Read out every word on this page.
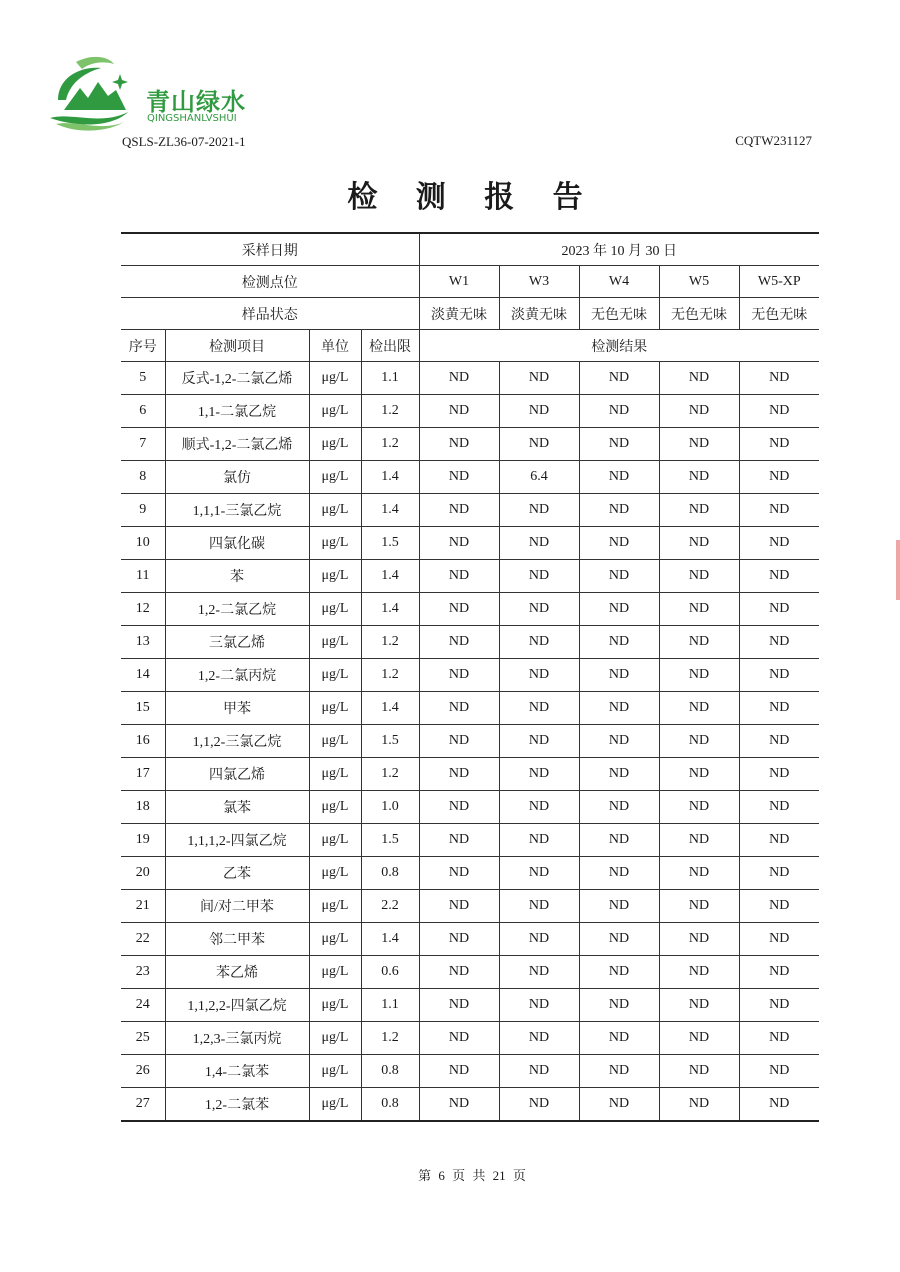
青山绿水
QINGSHANLVSHUI
QSLS-ZL36-07-2021-1	CQTW231127
检 测 报 告
采样日期				2023 年 10 月 30 日				
检测点位				W1	W3	W4	W5	W5-XP
样品状态				淡黄无味	淡黄无味	无色无味	无色无味	无色无味
序号	检测项目	单位	检出限	检测结果				
5	反式-1,2-二氯乙烯	μg/L	1.1	ND	ND	ND	ND	ND
6	1,1-二氯乙烷	μg/L	1.2	ND	ND	ND	ND	ND
7	顺式-1,2-二氯乙烯	μg/L	1.2	ND	ND	ND	ND	ND
8	氯仿	μg/L	1.4	ND	6.4	ND	ND	ND
9	1,1,1-三氯乙烷	μg/L	1.4	ND	ND	ND	ND	ND
10	四氯化碳	μg/L	1.5	ND	ND	ND	ND	ND
11	苯	μg/L	1.4	ND	ND	ND	ND	ND
12	1,2-二氯乙烷	μg/L	1.4	ND	ND	ND	ND	ND
13	三氯乙烯	μg/L	1.2	ND	ND	ND	ND	ND
14	1,2-二氯丙烷	μg/L	1.2	ND	ND	ND	ND	ND
15	甲苯	μg/L	1.4	ND	ND	ND	ND	ND
16	1,1,2-三氯乙烷	μg/L	1.5	ND	ND	ND	ND	ND
17	四氯乙烯	μg/L	1.2	ND	ND	ND	ND	ND
18	氯苯	μg/L	1.0	ND	ND	ND	ND	ND
19	1,1,1,2-四氯乙烷	μg/L	1.5	ND	ND	ND	ND	ND
20	乙苯	μg/L	0.8	ND	ND	ND	ND	ND
21	间/对二甲苯	μg/L	2.2	ND	ND	ND	ND	ND
22	邻二甲苯	μg/L	1.4	ND	ND	ND	ND	ND
23	苯乙烯	μg/L	0.6	ND	ND	ND	ND	ND
24	1,1,2,2-四氯乙烷	μg/L	1.1	ND	ND	ND	ND	ND
25	1,2,3-三氯丙烷	μg/L	1.2	ND	ND	ND	ND	ND
26	1,4-二氯苯	μg/L	0.8	ND	ND	ND	ND	ND
27	1,2-二氯苯	μg/L	0.8	ND	ND	ND	ND	ND
第 6 页 共 21 页
